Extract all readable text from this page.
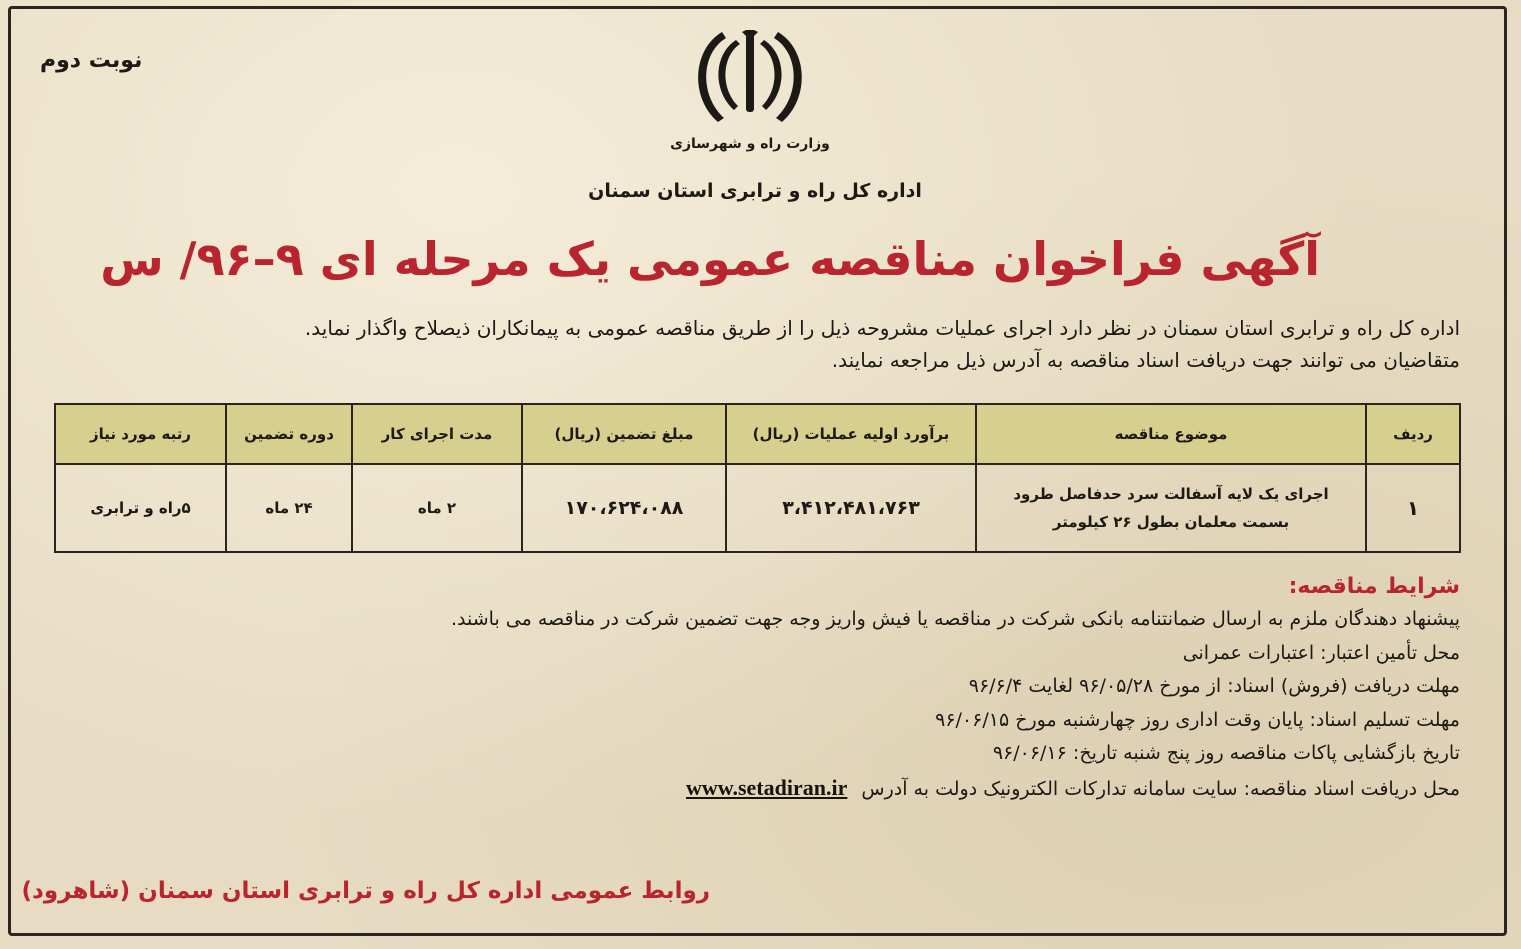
نوبت دوم
وزارت راه و شهرسازی
اداره کل راه و ترابری استان سمنان
آگهی فراخوان مناقصه عمومی یک مرحله ای ۹–۹۶/ س

اداره کل راه و ترابری استان سمنان در نظر دارد اجرای عملیات مشروحه ذیل را از طریق مناقصه عمومی به پیمانکاران ذیصلاح واگذار نماید.

متقاضیان می توانند جهت دریافت اسناد مناقصه به آدرس ذیل مراجعه نمایند.

ردیف	موضوع مناقصه	برآورد اولیه عملیات (ریال)	مبلغ تضمین (ریال)	مدت اجرای کار	دوره تضمین	رتبه مورد نیاز
۱	اجرای یک لایه آسفالت سرد حدفاصل طرود
بسمت معلمان بطول ۲۶ کیلومتر	۳،۴۱۲،۴۸۱،۷۶۳	۱۷۰،۶۲۴،۰۸۸	۲ ماه	۲۴ ماه	۵راه و ترابری

شرایط مناقصه:

پیشنهاد دهندگان ملزم به ارسال ضمانتنامه بانکی شرکت در مناقصه یا فیش واریز وجه جهت تضمین شرکت در مناقصه می باشند.

محل تأمین اعتبار: اعتبارات عمرانی

مهلت دریافت (فروش) اسناد: از مورخ ۹۶/۰۵/۲۸ لغایت ۹۶/۶/۴

مهلت تسلیم اسناد: پایان وقت اداری روز چهارشنبه مورخ ۹۶/۰۶/۱۵

تاریخ بازگشایی پاکات مناقصه روز پنج شنبه تاریخ: ۹۶/۰۶/۱۶

محل دریافت اسناد مناقصه: سایت سامانه تدارکات الکترونیک دولت به آدرس www.setadiran.ir

روابط عمومی اداره کل راه و ترابری استان سمنان (شاهرود)
